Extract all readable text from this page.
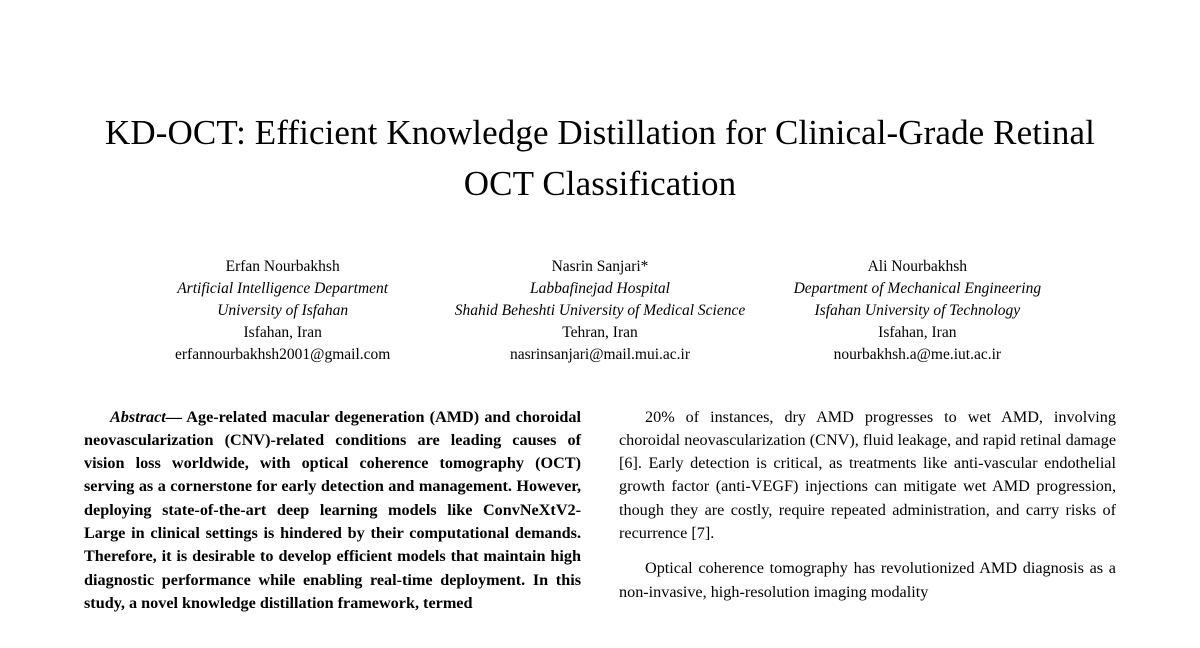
KD-OCT: Efficient Knowledge Distillation for Clinical-Grade Retinal OCT Classification
Erfan Nourbakhsh
Artificial Intelligence Department
University of Isfahan
Isfahan, Iran
erfannourbakhsh2001@gmail.com
Nasrin Sanjari*
Labbafinejad Hospital
Shahid Beheshti University of Medical Science
Tehran, Iran
nasrinsanjari@mail.mui.ac.ir
Ali Nourbakhsh
Department of Mechanical Engineering
Isfahan University of Technology
Isfahan, Iran
nourbakhsh.a@me.iut.ac.ir

Abstract— Age-related macular degeneration (AMD) and choroidal neovascularization (CNV)-related conditions are leading causes of vision loss worldwide, with optical coherence tomography (OCT) serving as a cornerstone for early detection and management. However, deploying state-of-the-art deep learning models like ConvNeXtV2-Large in clinical settings is hindered by their computational demands. Therefore, it is desirable to develop efficient models that maintain high diagnostic performance while enabling real-time deployment. In this study, a novel knowledge distillation framework, termed

20% of instances, dry AMD progresses to wet AMD, involving choroidal neovascularization (CNV), fluid leakage, and rapid retinal damage [6]. Early detection is critical, as treatments like anti-vascular endothelial growth factor (anti-VEGF) injections can mitigate wet AMD progression, though they are costly, require repeated administration, and carry risks of recurrence [7].

Optical coherence tomography has revolutionized AMD diagnosis as a non-invasive, high-resolution imaging modality
